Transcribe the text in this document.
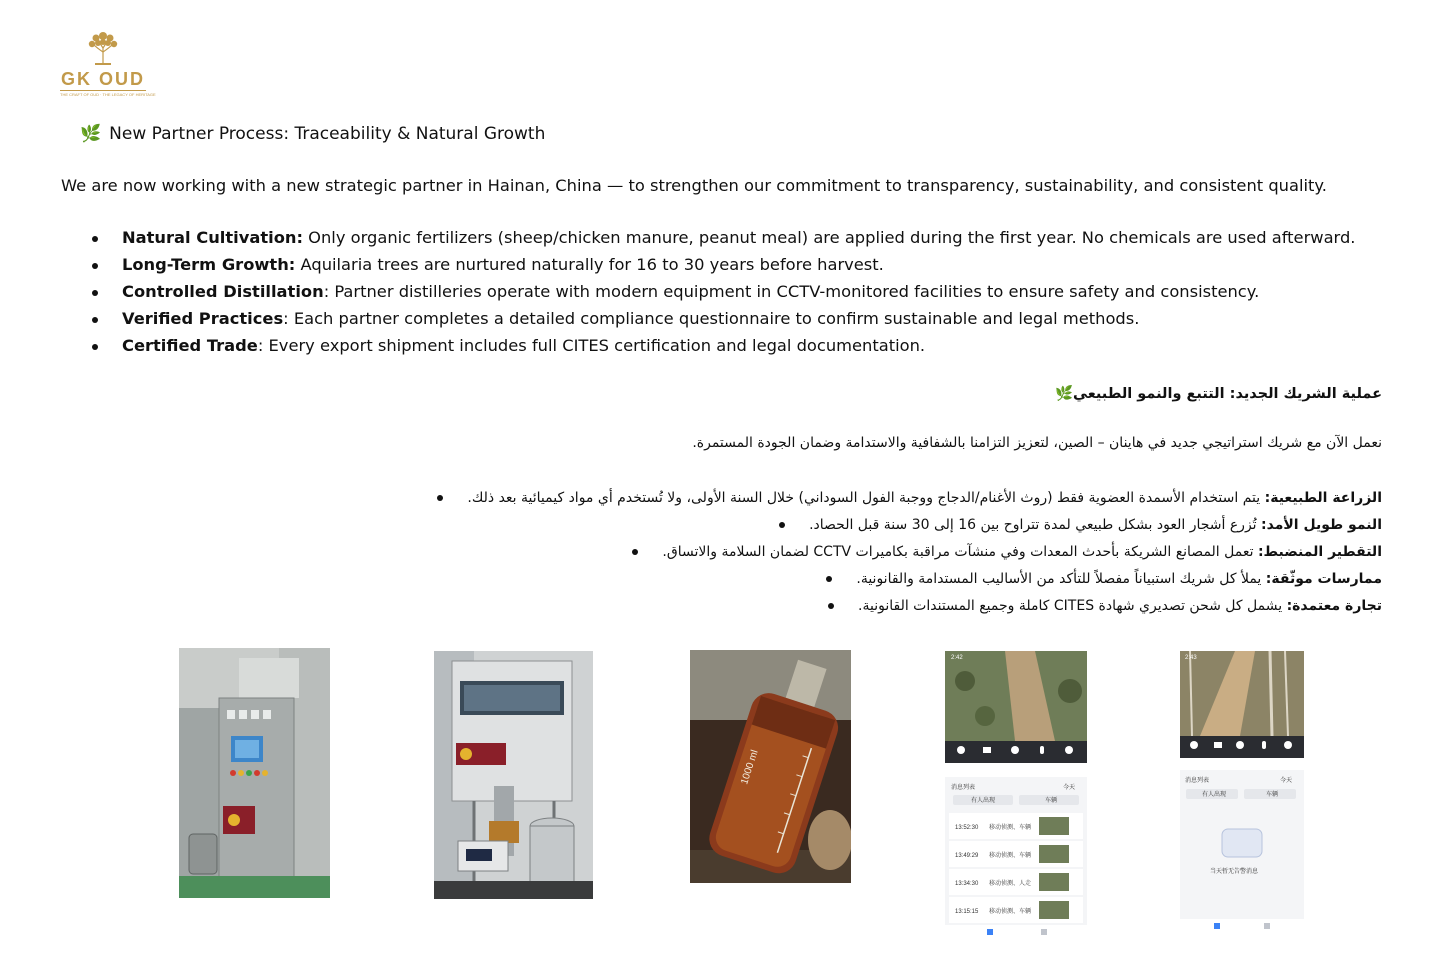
GK OUD
THE CRAFT OF OUD · THE LEGACY OF HERITAGE
🌿 New Partner Process: Traceability & Natural Growth
We are now working with a new strategic partner in Hainan, China — to strengthen our commitment to transparency, sustainability, and consistent quality.
Natural Cultivation: Only organic fertilizers (sheep/chicken manure, peanut meal) are applied during the first year. No chemicals are used afterward.
Long-Term Growth: Aquilaria trees are nurtured naturally for 16 to 30 years before harvest.
Controlled Distillation: Partner distilleries operate with modern equipment in CCTV-monitored facilities to ensure safety and consistency.
Verified Practices: Each partner completes a detailed compliance questionnaire to confirm sustainable and legal methods.
Certified Trade: Every export shipment includes full CITES certification and legal documentation.
عملية الشريك الجديد: التتبع والنمو الطبيعي🌿
نعمل الآن مع شريك استراتيجي جديد في هاينان – الصين، لتعزيز التزامنا بالشفافية والاستدامة وضمان الجودة المستمرة.
الزراعة الطبيعية: يتم استخدام الأسمدة العضوية فقط (روث الأغنام/الدجاج ووجبة الفول السوداني) خلال السنة الأولى، ولا تُستخدم أي مواد كيميائية بعد ذلك.
النمو طويل الأمد: تُزرع أشجار العود بشكل طبيعي لمدة تتراوح بين 16 إلى 30 سنة قبل الحصاد.
التقطير المنضبط: تعمل المصانع الشريكة بأحدث المعدات وفي منشآت مراقبة بكاميرات CCTV لضمان السلامة والاتساق.
ممارسات موثّقة: يملأ كل شريك استبياناً مفصلاً للتأكد من الأساليب المستدامة والقانونية.
تجارة معتمدة: يشمل كل شحن تصديري شهادة CITES كاملة وجميع المستندات القانونية.
1000 ml
2:42
消息列表	今天
有人出现	车辆
13:52:30 移动侦测、车辆
13:49:29 移动侦测、车辆
13:34:30 移动侦测、人走
13:15:15 移动侦测、车辆
2:43
消息列表	今天
有人出现	车辆
当天暂无告警消息
